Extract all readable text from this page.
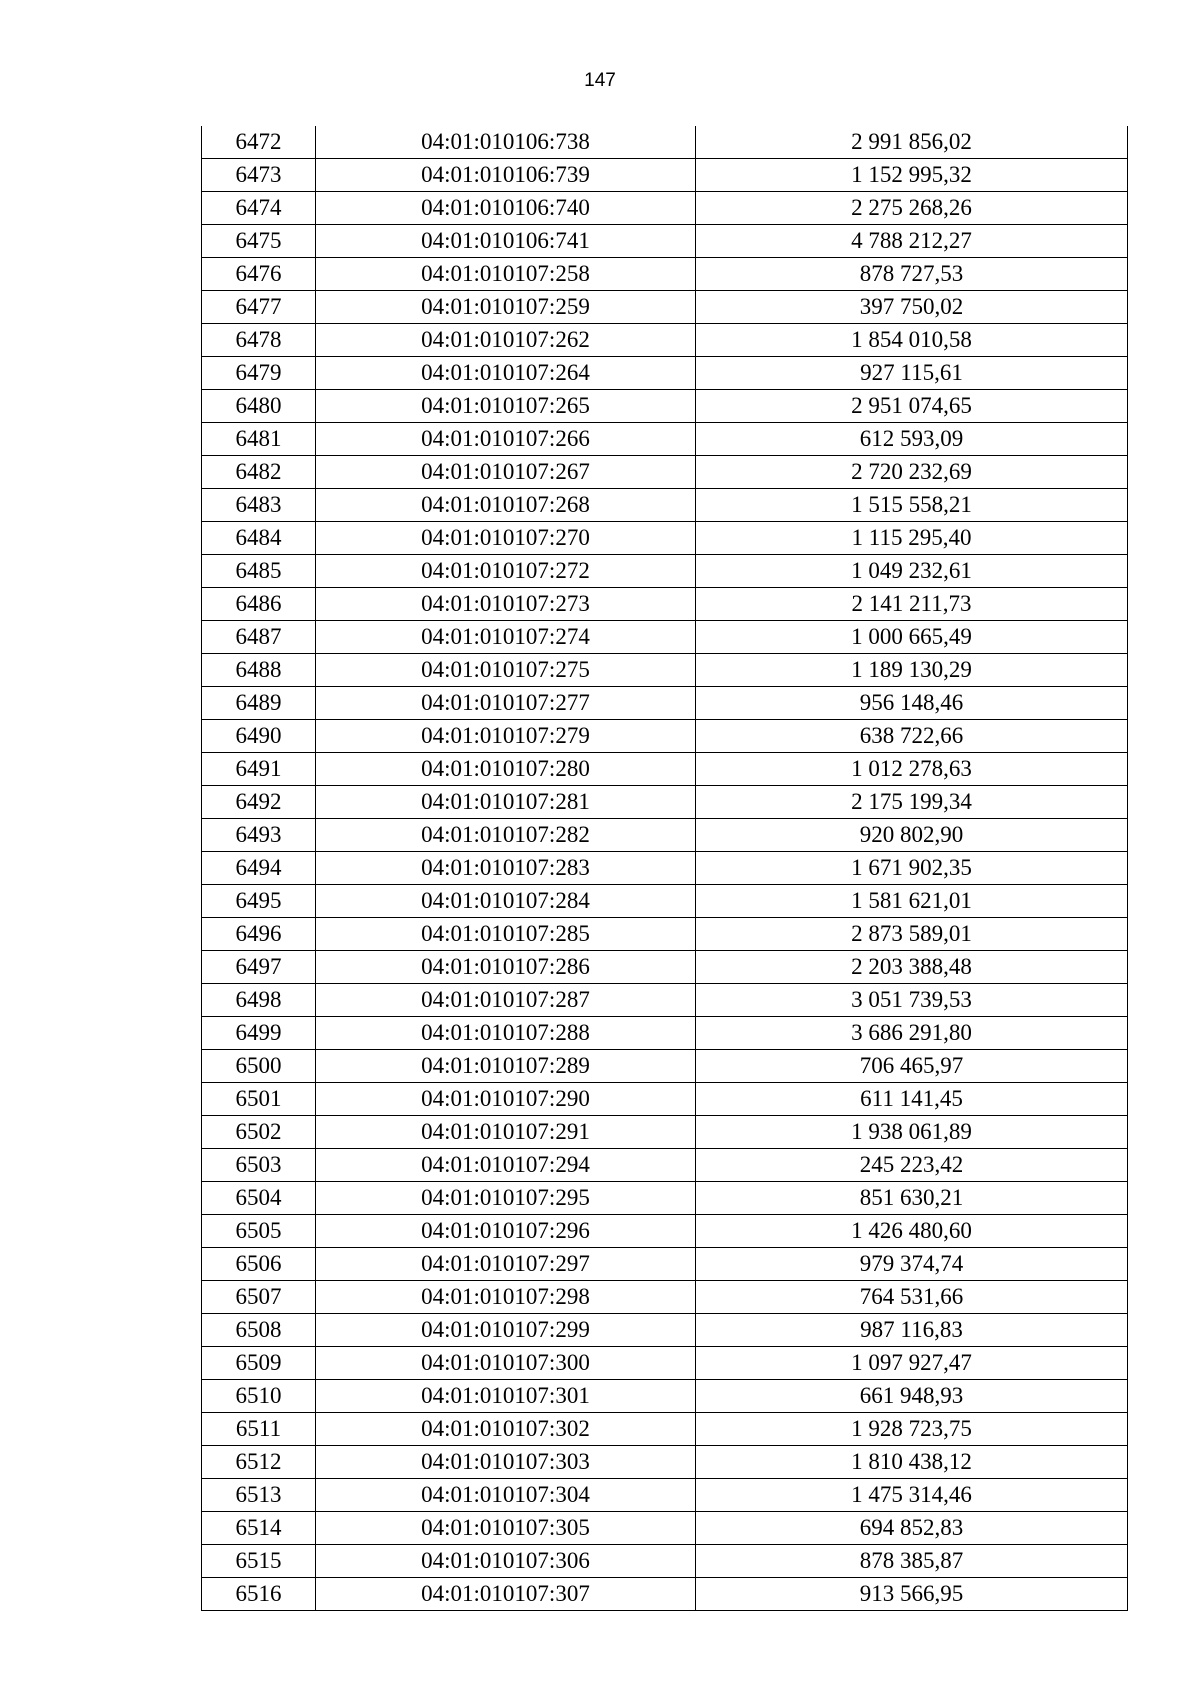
147
6472	04:01:010106:738	2 991 856,02
6473	04:01:010106:739	1 152 995,32
6474	04:01:010106:740	2 275 268,26
6475	04:01:010106:741	4 788 212,27
6476	04:01:010107:258	878 727,53
6477	04:01:010107:259	397 750,02
6478	04:01:010107:262	1 854 010,58
6479	04:01:010107:264	927 115,61
6480	04:01:010107:265	2 951 074,65
6481	04:01:010107:266	612 593,09
6482	04:01:010107:267	2 720 232,69
6483	04:01:010107:268	1 515 558,21
6484	04:01:010107:270	1 115 295,40
6485	04:01:010107:272	1 049 232,61
6486	04:01:010107:273	2 141 211,73
6487	04:01:010107:274	1 000 665,49
6488	04:01:010107:275	1 189 130,29
6489	04:01:010107:277	956 148,46
6490	04:01:010107:279	638 722,66
6491	04:01:010107:280	1 012 278,63
6492	04:01:010107:281	2 175 199,34
6493	04:01:010107:282	920 802,90
6494	04:01:010107:283	1 671 902,35
6495	04:01:010107:284	1 581 621,01
6496	04:01:010107:285	2 873 589,01
6497	04:01:010107:286	2 203 388,48
6498	04:01:010107:287	3 051 739,53
6499	04:01:010107:288	3 686 291,80
6500	04:01:010107:289	706 465,97
6501	04:01:010107:290	611 141,45
6502	04:01:010107:291	1 938 061,89
6503	04:01:010107:294	245 223,42
6504	04:01:010107:295	851 630,21
6505	04:01:010107:296	1 426 480,60
6506	04:01:010107:297	979 374,74
6507	04:01:010107:298	764 531,66
6508	04:01:010107:299	987 116,83
6509	04:01:010107:300	1 097 927,47
6510	04:01:010107:301	661 948,93
6511	04:01:010107:302	1 928 723,75
6512	04:01:010107:303	1 810 438,12
6513	04:01:010107:304	1 475 314,46
6514	04:01:010107:305	694 852,83
6515	04:01:010107:306	878 385,87
6516	04:01:010107:307	913 566,95
